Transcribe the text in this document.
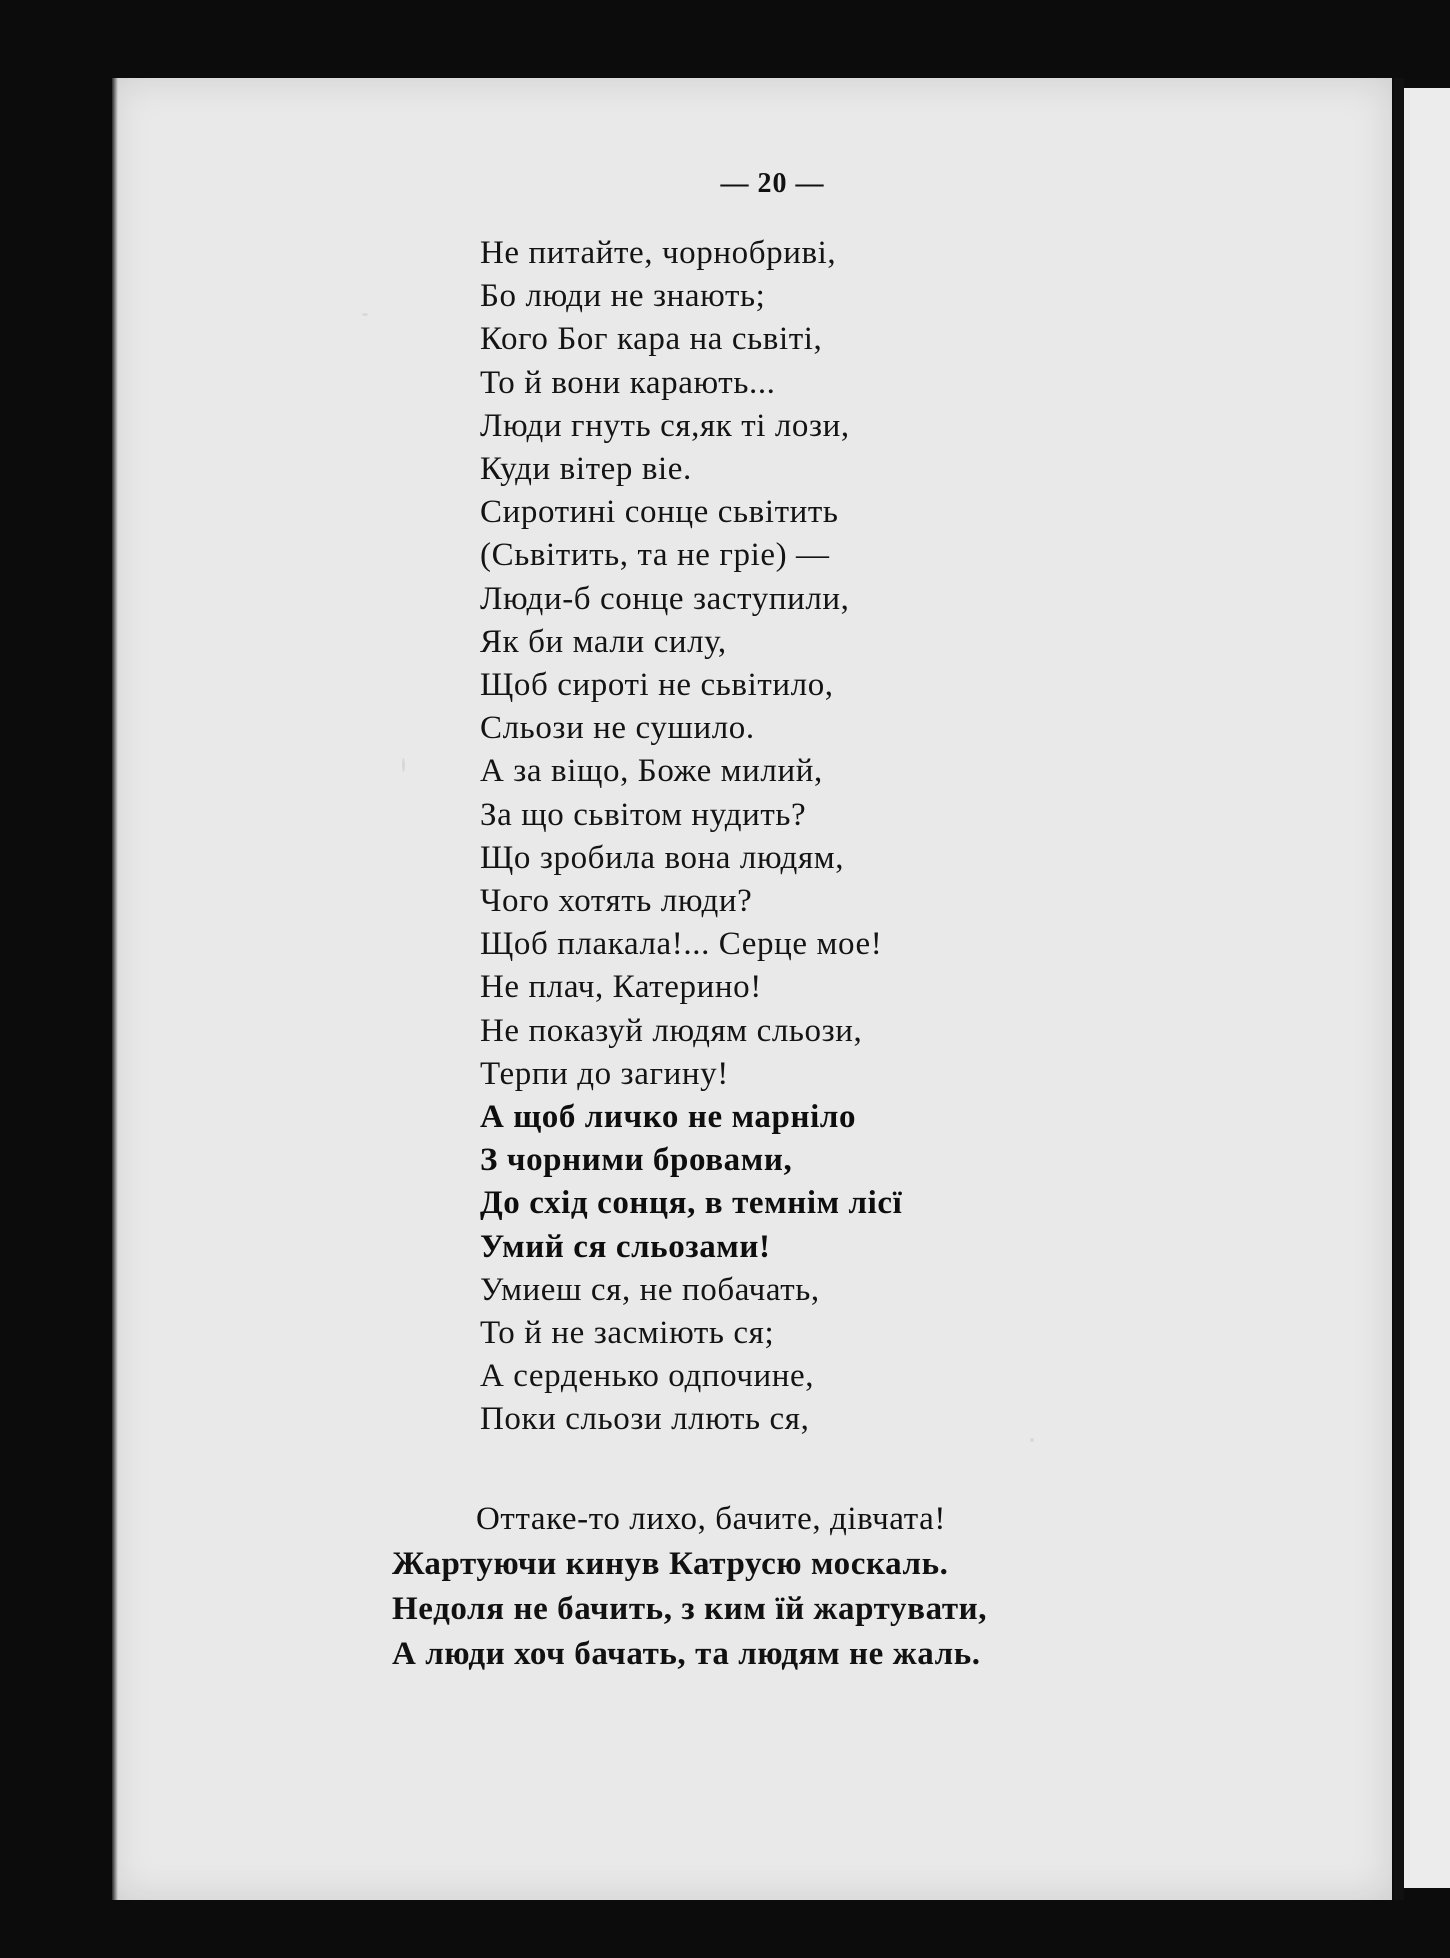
— 20 —
Не питайте, чорнобриві,
Бо люди не знають;
Кого Бог кара на сьвіті,
То й вони карають...
Люди гнуть ся,як ті лози,
Куди вітер віе.
Сиротині сонце сьвітить
(Сьвітить, та не гріе) —
Люди-б сонце заступили,
Як би мали силу,
Щоб сироті не сьвітило,
Сльози не сушило.
А за віщо, Боже милий,
За що сьвітом нудить?
Що зробила вона людям,
Чого хотять люди?
Щоб плакала!... Серце мое!
Не плач, Катерино!
Не показуй людям сльози,
Терпи до загину!
А щоб личко не марніло
З чорними бровами,
До схід сонця, в темнім лісї
Умий ся сльозами!
Умиеш ся, не побачать,
То й не засміють ся;
А серденько одпочине,
Поки сльози ллють ся,
Оттаке-то лихо, бачите, дівчата!
Жартуючи кинув Катрусю москаль.
Недоля не бачить, з ким їй жартувати,
А люди хоч бачать, та людям не жаль.
